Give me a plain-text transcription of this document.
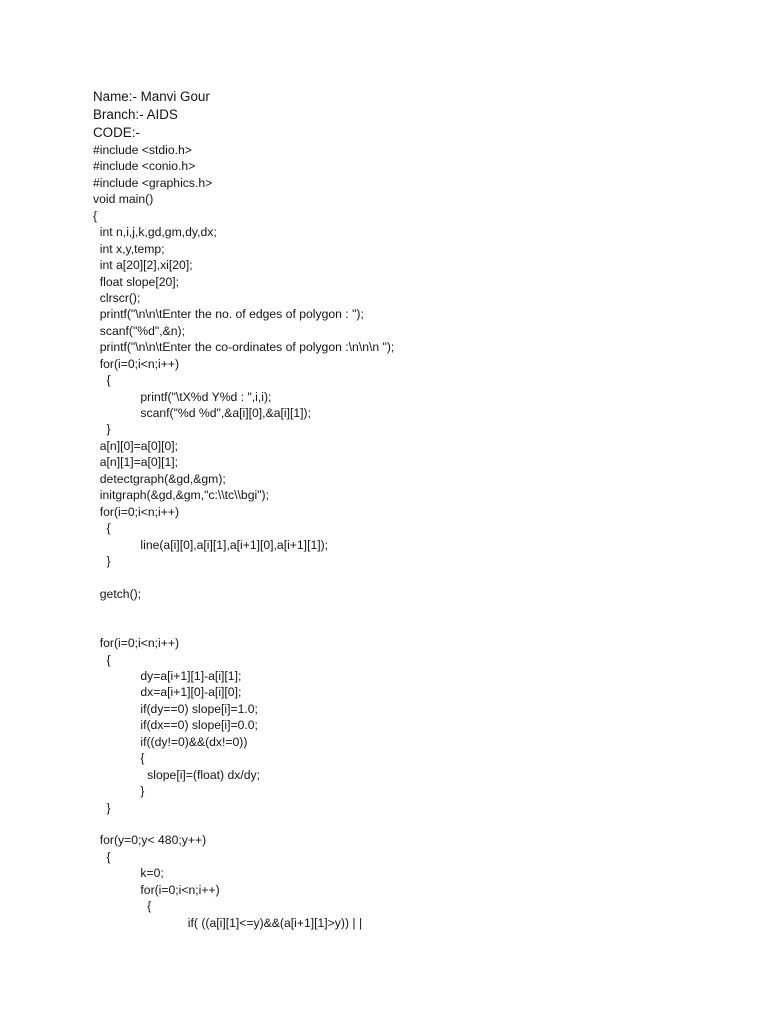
Name:- Manvi Gour
Branch:- AIDS
CODE:-
#include <stdio.h>
#include <conio.h>
#include <graphics.h>
void main()
{
int n,i,j,k,gd,gm,dy,dx;
int x,y,temp;
int a[20][2],xi[20];
float slope[20];
clrscr();
printf("\n\n\tEnter the no. of edges of polygon : ");
scanf("%d",&n);
printf("\n\n\tEnter the co-ordinates of polygon :\n\n\n ");
for(i=0;i<n;i++)
{
printf("\tX%d Y%d : ",i,i);
scanf("%d %d",&a[i][0],&a[i][1]);
}
a[n][0]=a[0][0];
a[n][1]=a[0][1];
detectgraph(&gd,&gm);
initgraph(&gd,&gm,"c:\\tc\\bgi");
for(i=0;i<n;i++)
{
line(a[i][0],a[i][1],a[i+1][0],a[i+1][1]);
}
getch();
for(i=0;i<n;i++)
{
dy=a[i+1][1]-a[i][1];
dx=a[i+1][0]-a[i][0];
if(dy==0) slope[i]=1.0;
if(dx==0) slope[i]=0.0;
if((dy!=0)&&(dx!=0))
{
slope[i]=(float) dx/dy;
}
}
for(y=0;y< 480;y++)
{
k=0;
for(i=0;i<n;i++)
{
if( ((a[i][1]<=y)&&(a[i+1][1]>y)) | |
